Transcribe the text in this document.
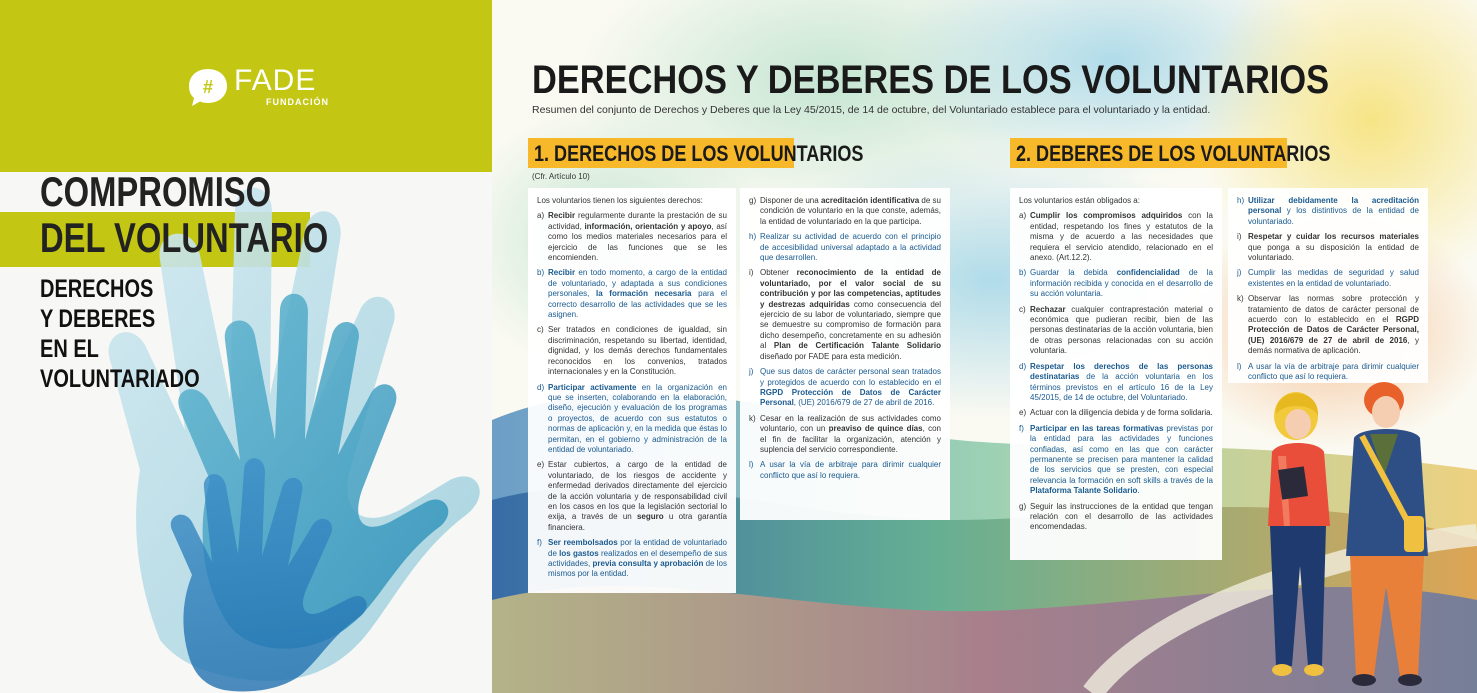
# FADE
FUNDACIÓN
COMPROMISO
DEL VOLUNTARIO
DERECHOS
Y DEBERES
EN EL
VOLUNTARIADO
DERECHOS Y DEBERES DE LOS VOLUNTARIOS
Resumen del conjunto de Derechos y Deberes que la Ley 45/2015, de 14 de octubre, del Voluntariado establece para el voluntariado y la entidad.
1. DERECHOS DE LOS VOLUNTARIOS
(Cfr. Artículo 10)
2. DEBERES DE LOS VOLUNTARIOS
Los voluntarios tienen los siguientes derechos:
a) Recibir regularmente durante la prestación de su actividad, información, orientación y apoyo, así como los medios materiales necesarios para el ejercicio de las funciones que se les encomienden.
b) Recibir en todo momento, a cargo de la entidad de voluntariado, y adaptada a sus condiciones personales, la formación necesaria para el correcto desarrollo de las actividades que se les asignen.
c) Ser tratados en condiciones de igualdad, sin discriminación, respetando su libertad, identidad, dignidad, y los demás derechos fundamentales reconocidos en los convenios, tratados internacionales y en la Constitución.
d) Participar activamente en la organización en que se inserten, colaborando en la elaboración, diseño, ejecución y evaluación de los programas o proyectos, de acuerdo con sus estatutos o normas de aplicación y, en la medida que éstas lo permitan, en el gobierno y administración de la entidad de voluntariado.
e) Estar cubiertos, a cargo de la entidad de voluntariado, de los riesgos de accidente y enfermedad derivados directamente del ejercicio de la acción voluntaria y de responsabilidad civil en los casos en los que la legislación sectorial lo exija, a través de un seguro u otra garantía financiera.
f) Ser reembolsados por la entidad de voluntariado de los gastos realizados en el desempeño de sus actividades, previa consulta y aprobación de los mismos por la entidad.
g) Disponer de una acreditación identificativa de su condición de voluntario en la que conste, además, la entidad de voluntariado en la que participa.
h) Realizar su actividad de acuerdo con el principio de accesibilidad universal adaptado a la actividad que desarrollen.
i) Obtener reconocimiento de la entidad de voluntariado, por el valor social de su contribución y por las competencias, aptitudes y destrezas adquiridas como consecuencia del ejercicio de su labor de voluntariado, siempre que se demuestre su compromiso de formación para dicho desempeño, concretamente en su adhesión al Plan de Certificación Talante Solidario diseñado por FADE para esta medición.
j) Que sus datos de carácter personal sean tratados y protegidos de acuerdo con lo establecido en el RGPD Protección de Datos de Carácter Personal, (UE) 2016/679 de 27 de abril de 2016.
k) Cesar en la realización de sus actividades como voluntario, con un preaviso de quince días, con el fin de facilitar la organización, atención y suplencia del servicio correspondiente.
l) A usar la vía de arbitraje para dirimir cualquier conflicto que así lo requiera.
Los voluntarios están obligados a:
a) Cumplir los compromisos adquiridos con la entidad, respetando los fines y estatutos de la misma y de acuerdo a las necesidades que requiera el servicio atendido, relacionado en el anexo. (Art.12.2).
b) Guardar la debida confidencialidad de la información recibida y conocida en el desarrollo de su acción voluntaria.
c) Rechazar cualquier contraprestación material o económica que pudieran recibir, bien de las personas destinatarias de la acción voluntaria, bien de otras personas relacionadas con su acción voluntaria.
d) Respetar los derechos de las personas destinatarias de la acción voluntaria en los términos previstos en el artículo 16 de la Ley 45/2015, de 14 de octubre, del Voluntariado.
e) Actuar con la diligencia debida y de forma solidaria.
f) Participar en las tareas formativas previstas por la entidad para las actividades y funciones confiadas, así como en las que con carácter permanente se precisen para mantener la calidad de los servicios que se presten, con especial relevancia la formación en soft skills a través de la Plataforma Talante Solidario.
g) Seguir las instrucciones de la entidad que tengan relación con el desarrollo de las actividades encomendadas.
h) Utilizar debidamente la acreditación personal y los distintivos de la entidad de voluntariado.
i) Respetar y cuidar los recursos materiales que ponga a su disposición la entidad de voluntariado.
j) Cumplir las medidas de seguridad y salud existentes en la entidad de voluntariado.
k) Observar las normas sobre protección y tratamiento de datos de carácter personal de acuerdo con lo establecido en el RGPD Protección de Datos de Carácter Personal, (UE) 2016/679 de 27 de abril de 2016, y demás normativa de aplicación.
l) A usar la vía de arbitraje para dirimir cualquier conflicto que así lo requiera.
